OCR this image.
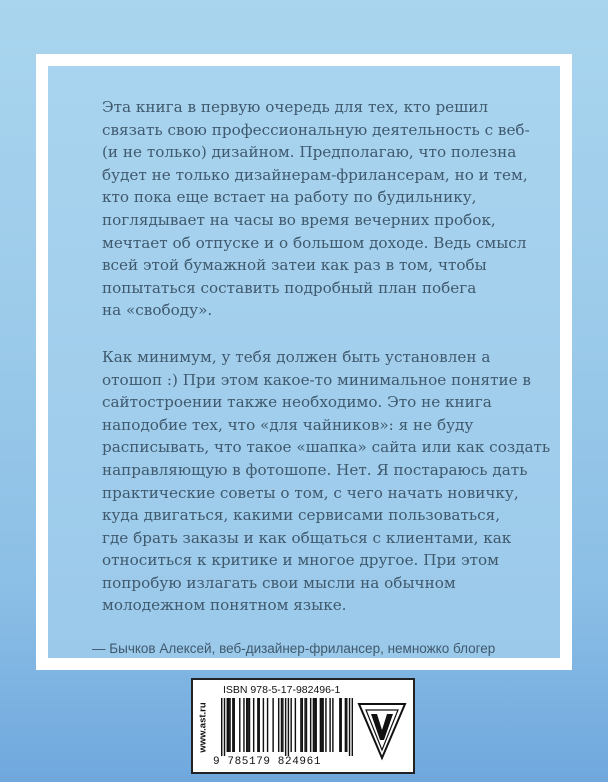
Эта книга в первую очередь для тех, кто решил
связать свою профессиональную деятельность с веб-
(и не только) дизайном. Предполагаю, что полезна
будет не только дизайнерам-фрилансерам, но и тем,
кто пока еще встает на работу по будильнику,
поглядывает на часы во время вечерних пробок,
мечтает об отпуске и о большом доходе. Ведь смысл
всей этой бумажной затеи как раз в том, чтобы
попытаться составить подробный план побега
на «свободу».

Как минимум, у тебя должен быть установлен а
отошоп :) При этом какое-то минимальное понятие в
сайтостроении также необходимо. Это не книга
наподобие тех, что «для чайников»: я не буду
расписывать, что такое «шапка» сайта или как создать
направляющую в фотошопе. Нет. Я постараюсь дать
практические советы о том, с чего начать новичку,
куда двигаться, какими сервисами пользоваться,
где брать заказы и как общаться с клиентами, как
относиться к критике и многое другое. При этом
попробую излагать свои мысли на обычном
молодежном понятном языке.

— Бычков Алексей, веб-дизайнер-фрилансер, немножко блогер

www.ast.ru
ISBN 978-5-17-982496-1
9 785179 824961
